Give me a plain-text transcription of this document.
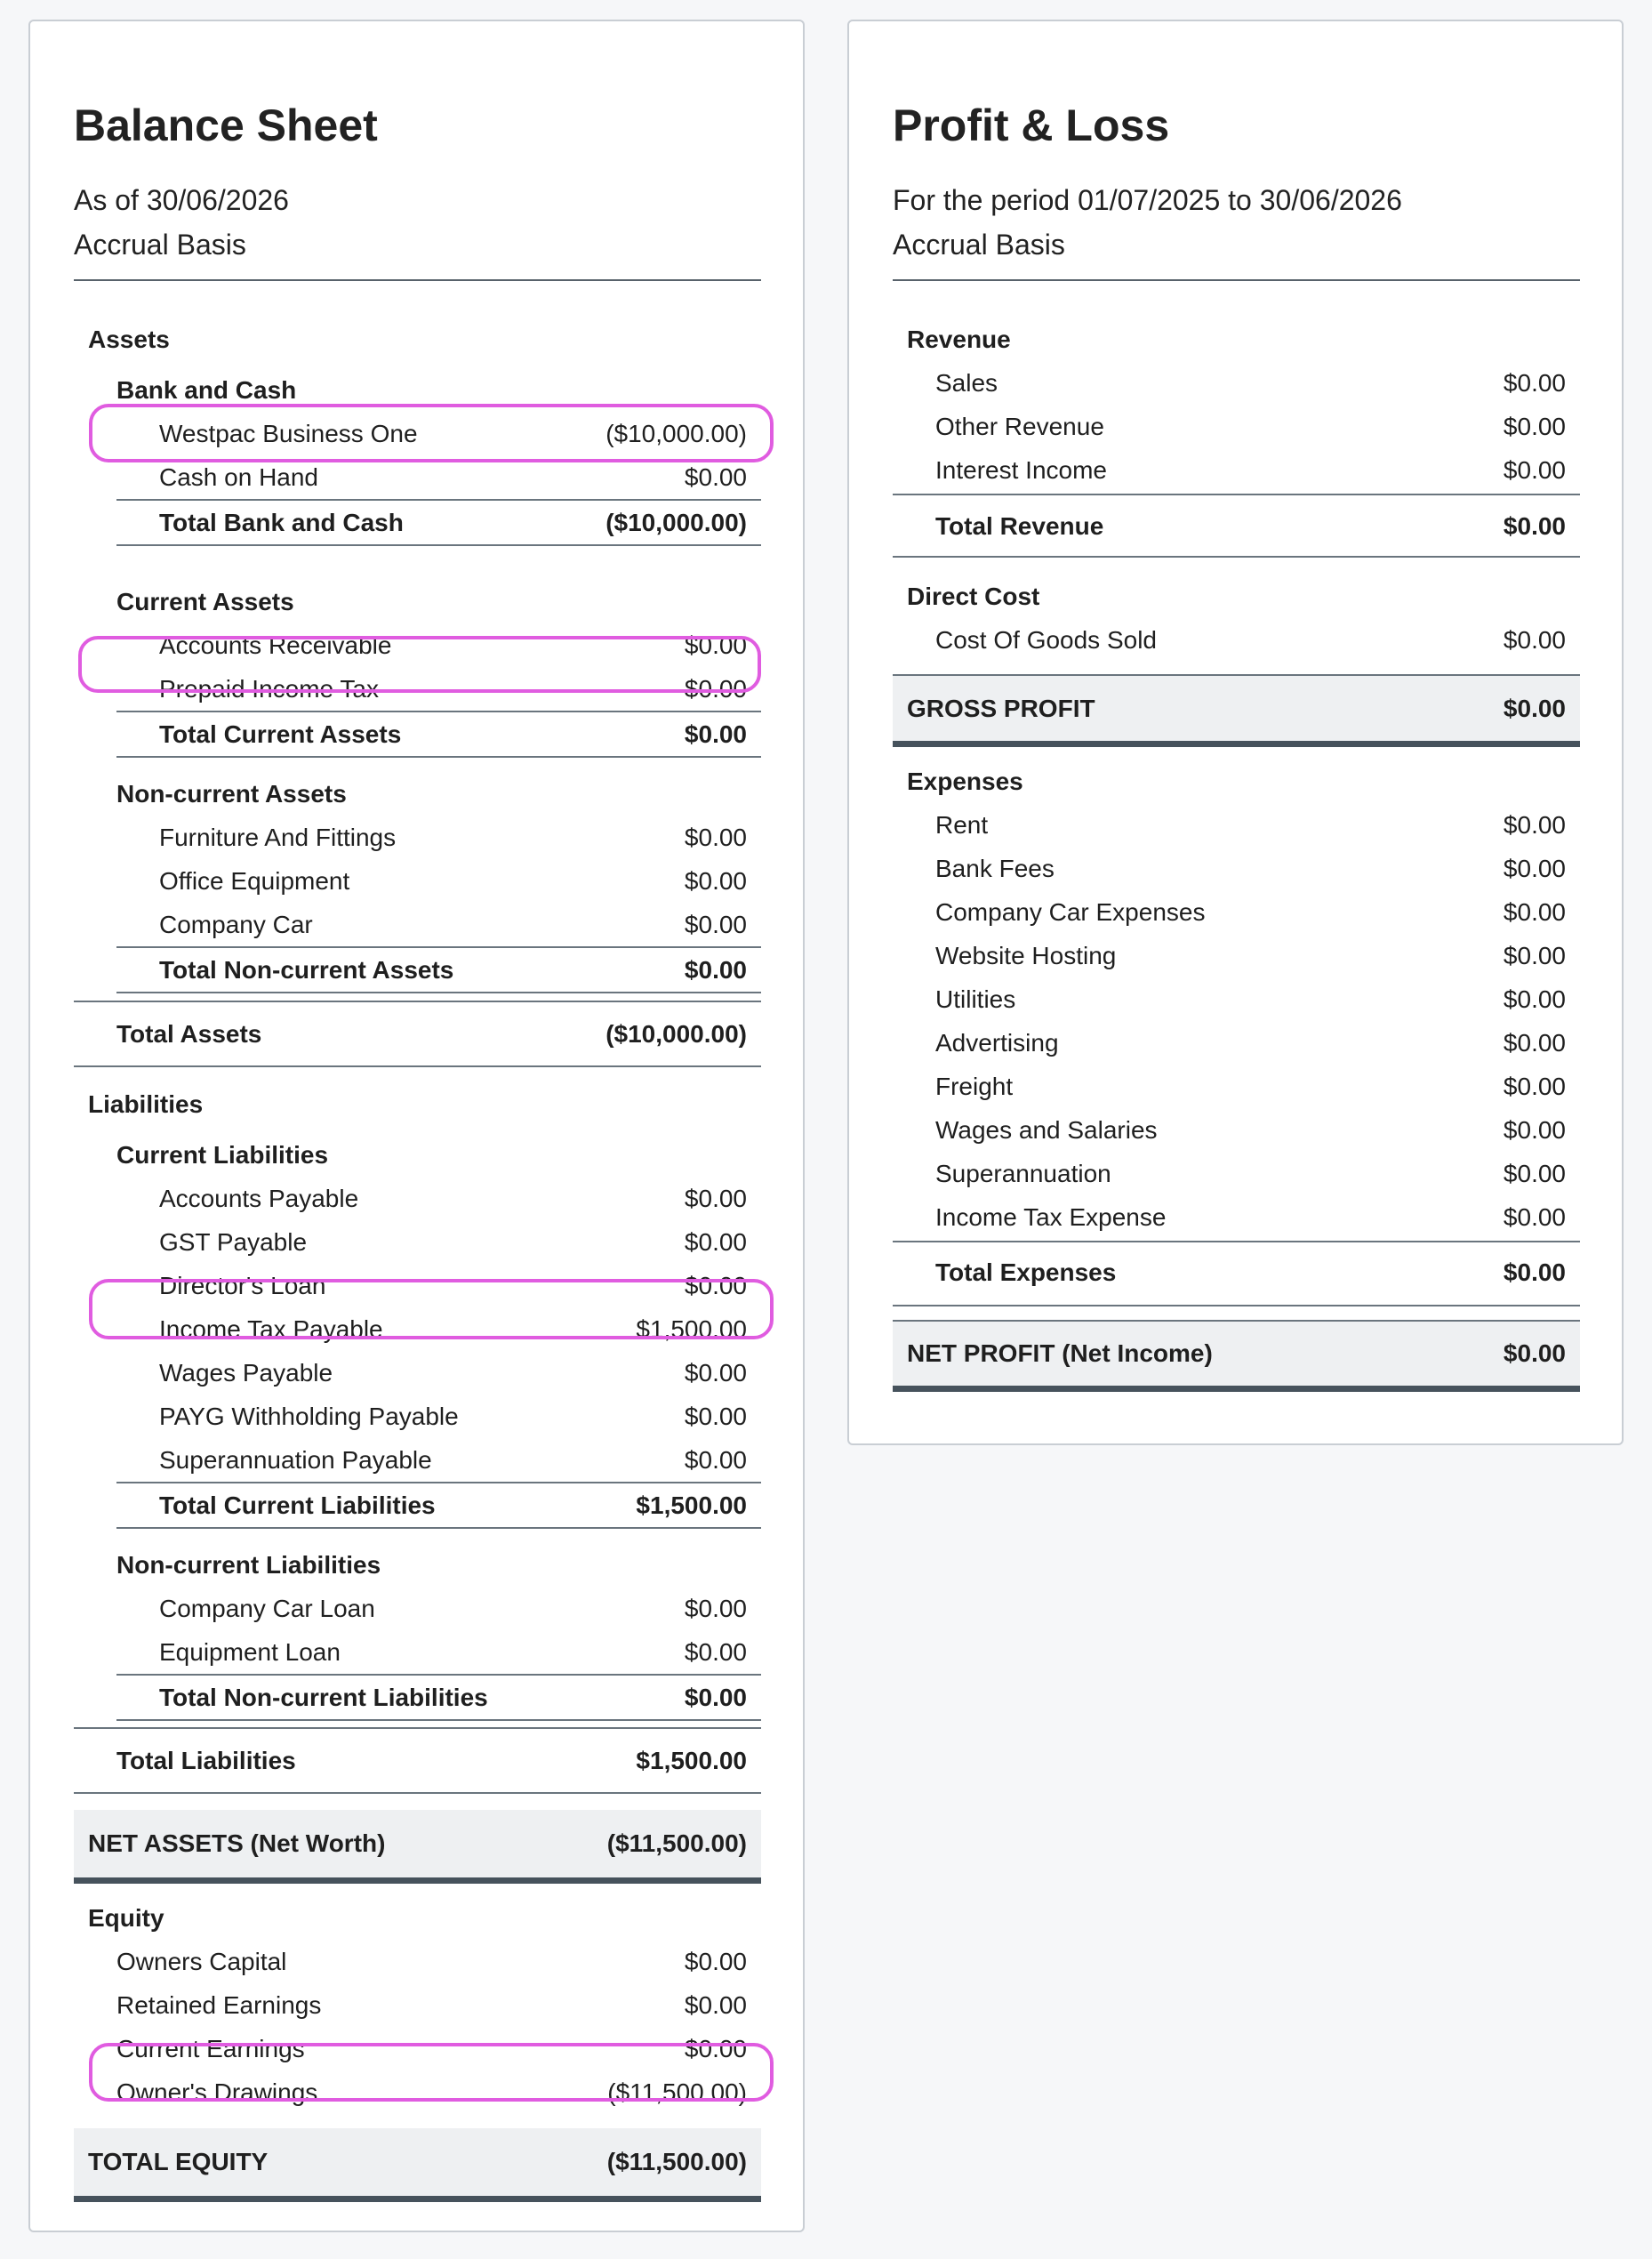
Balance Sheet
As of 30/06/2026
Accrual Basis
Assets
Bank and Cash
Westpac Business One	($10,000.00)
Cash on Hand	$0.00
Total Bank and Cash	($10,000.00)
Current Assets
Accounts Receivable	$0.00
Prepaid Income Tax	$0.00
Total Current Assets	$0.00
Non-current Assets
Furniture And Fittings	$0.00
Office Equipment	$0.00
Company Car	$0.00
Total Non-current Assets	$0.00
Total Assets	($10,000.00)
Liabilities
Current Liabilities
Accounts Payable	$0.00
GST Payable	$0.00
Director's Loan	$0.00
Income Tax Payable	$1,500.00
Wages Payable	$0.00
PAYG Withholding Payable	$0.00
Superannuation Payable	$0.00
Total Current Liabilities	$1,500.00
Non-current Liabilities
Company Car Loan	$0.00
Equipment Loan	$0.00
Total Non-current Liabilities	$0.00
Total Liabilities	$1,500.00
NET ASSETS (Net Worth)	($11,500.00)
Equity
Owners Capital	$0.00
Retained Earnings	$0.00
Current Earnings	$0.00
Owner's Drawings	($11,500.00)
TOTAL EQUITY	($11,500.00)
Profit & Loss
For the period 01/07/2025 to 30/06/2026
Accrual Basis
Revenue
Sales	$0.00
Other Revenue	$0.00
Interest Income	$0.00
Total Revenue	$0.00
Direct Cost
Cost Of Goods Sold	$0.00
GROSS PROFIT	$0.00
Expenses
Rent	$0.00
Bank Fees	$0.00
Company Car Expenses	$0.00
Website Hosting	$0.00
Utilities	$0.00
Advertising	$0.00
Freight	$0.00
Wages and Salaries	$0.00
Superannuation	$0.00
Income Tax Expense	$0.00
Total Expenses	$0.00
NET PROFIT (Net Income)	$0.00
